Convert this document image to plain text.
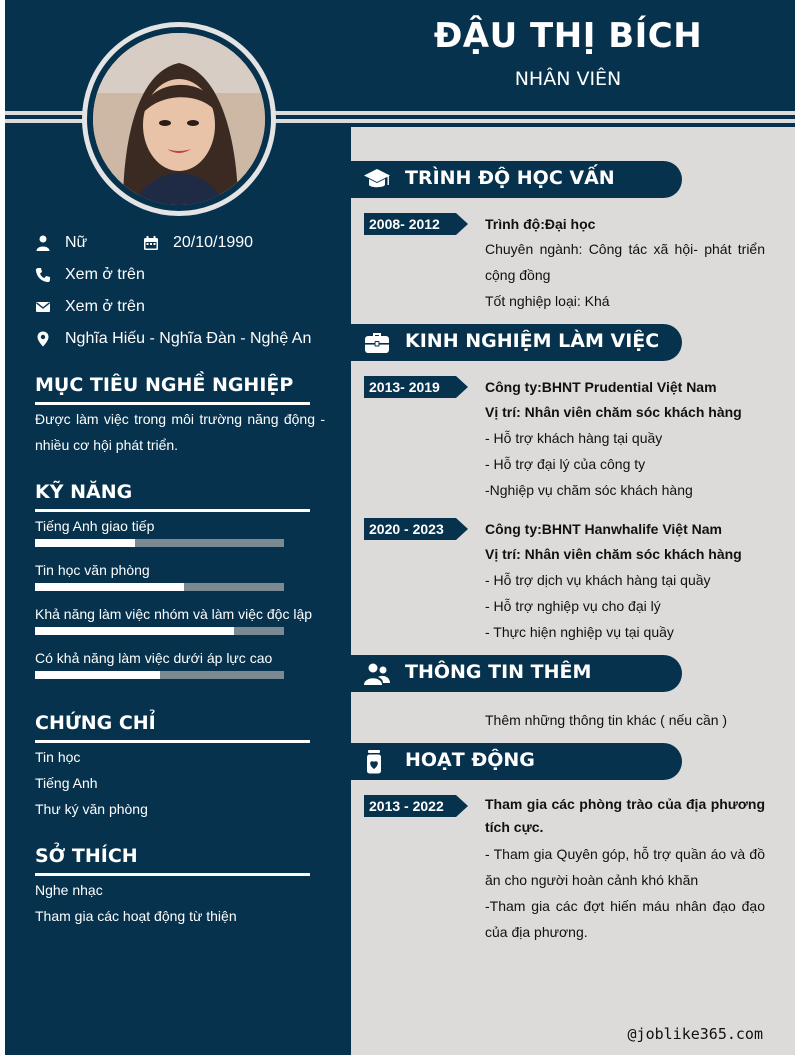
ĐẬU THỊ BÍCH
NHÂN VIÊN
Nữ	20/10/1990
Xem ở trên
Xem ở trên
Nghĩa Hiếu - Nghĩa Đàn - Nghệ An
MỤC TIÊU NGHỀ NGHIỆP
Được làm việc trong môi trường năng động - nhiều cơ hội phát triển.
KỸ NĂNG
Tiếng Anh giao tiếp
Tin học văn phòng
Khả năng làm việc nhóm và làm việc độc lập
Có khả năng làm việc dưới áp lực cao
CHỨNG CHỈ
Tin học
Tiếng Anh
Thư ký văn phòng
SỞ THÍCH
Nghe nhạc
Tham gia các hoạt động từ thiện
TRÌNH ĐỘ HỌC VẤN
2008- 2012	Trình độ:Đại học
Chuyên ngành: Công tác xã hội- phát triển cộng đồng
Tốt nghiệp loại: Khá
KINH NGHIỆM LÀM VIỆC
2013- 2019	Công ty:BHNT Prudential Việt Nam
Vị trí: Nhân viên chăm sóc khách hàng
- Hỗ trợ khách hàng tại quầy
- Hỗ trợ đại lý của công ty
-Nghiệp vụ chăm sóc khách hàng
2020 - 2023	Công ty:BHNT Hanwhalife Việt Nam
Vị trí: Nhân viên chăm sóc khách hàng
- Hỗ trợ dịch vụ khách hàng tại quầy
- Hỗ trợ nghiệp vụ cho đại lý
- Thực hiện nghiệp vụ tại quầy
THÔNG TIN THÊM
Thêm những thông tin khác ( nếu cần )
HOẠT ĐỘNG
2013 - 2022	Tham gia các phòng trào của địa phương tích cực.
- Tham gia Quyên góp, hỗ trợ quần áo và đồ ăn cho người hoàn cảnh khó khăn
-Tham gia các đợt hiến máu nhân đạo đạo của địa phương.
@joblike365.com
